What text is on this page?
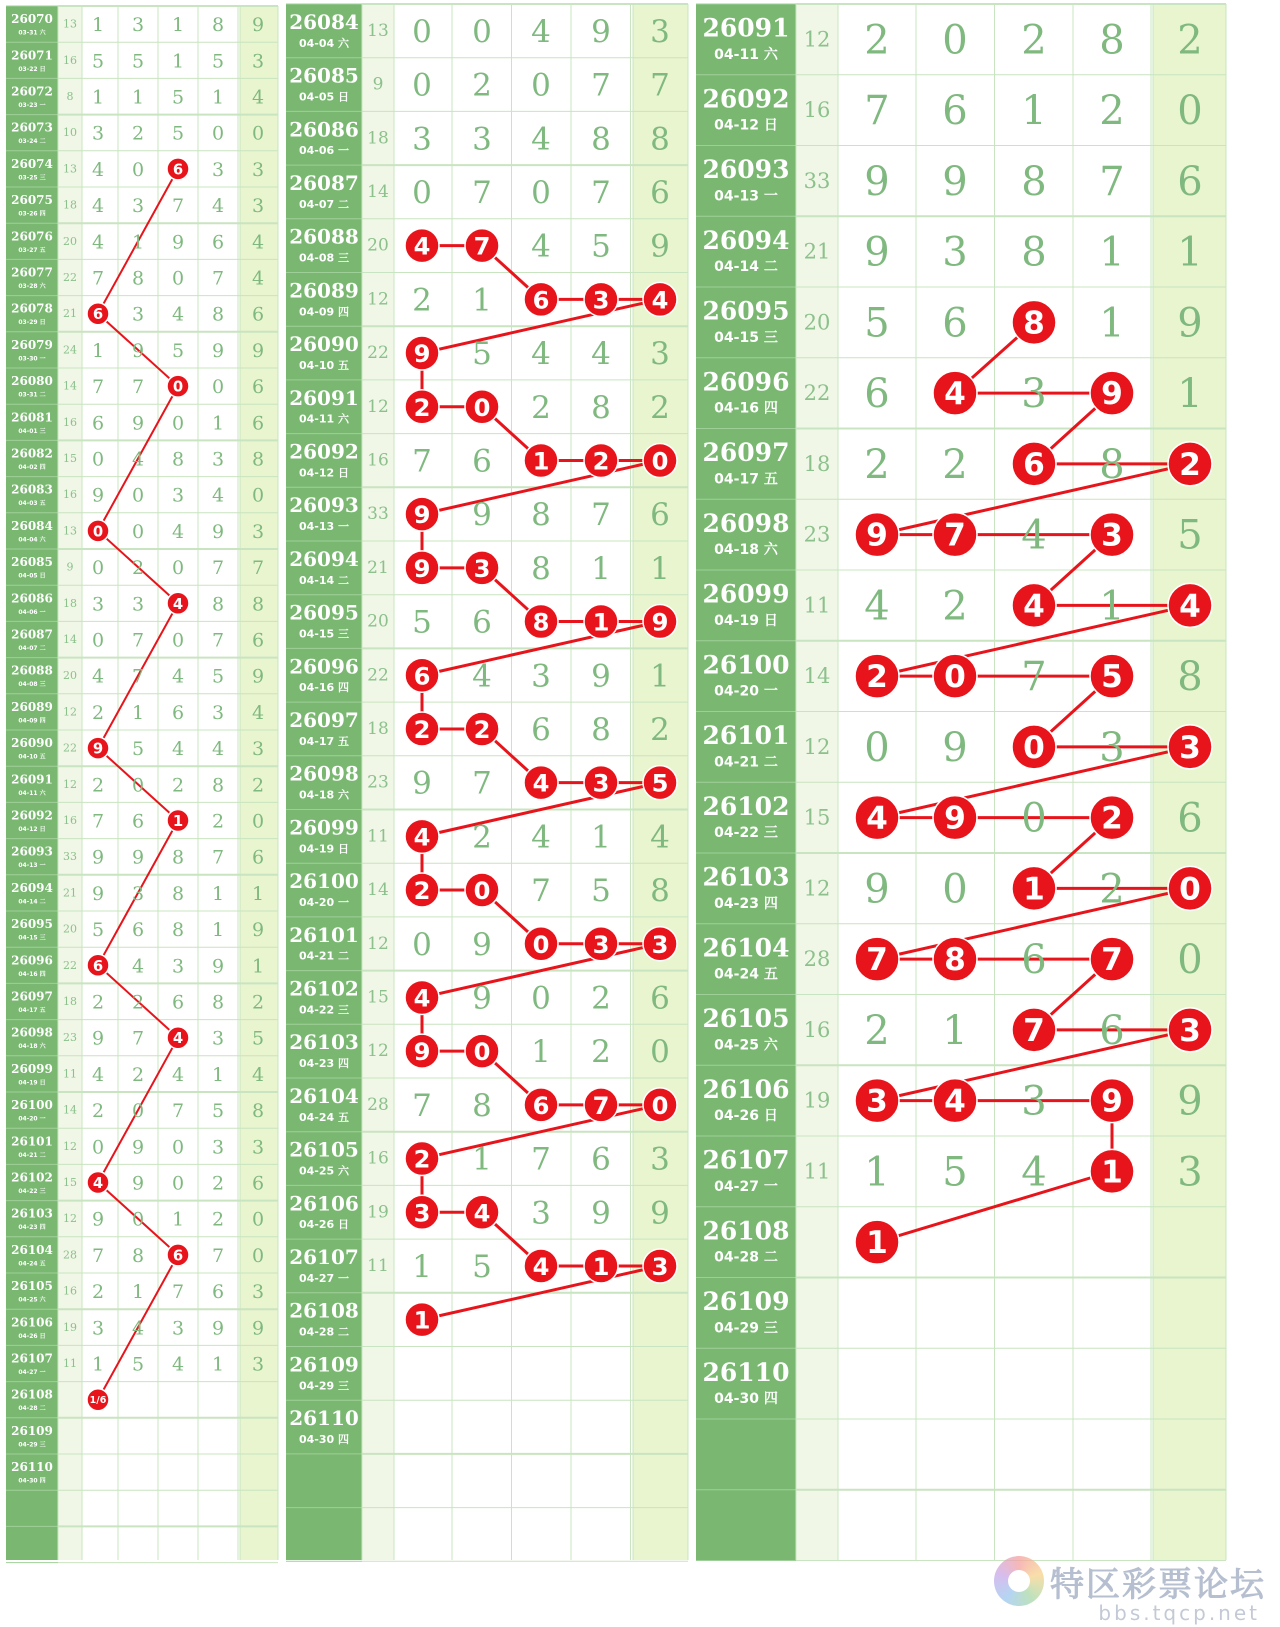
26070
03-31 六
13 1 3 1 8 9
26071
03-22 日
16 5 5 1 5 3
26072
03-23 一
8 1 1 5 1 4
26073
03-24 二
10 3 2 5 0 0
26074
03-25 三
13 4 0 6 3 3
26075
03-26 四
18 4 3 7 4 3
26076
03-27 五
20 4 1 9 6 4
26077
03-28 六
22 7 8 0 7 4
26078
03-29 日
21 6 3 4 8 6
26079
03-30 一
24 1 9 5 9 9
26080
03-31 二
14 7 7 0 0 6
26081
04-01 三
16 6 9 0 1 6
26082
04-02 四
15 0 4 8 3 8
26083
04-03 五
16 9 0 3 4 0
26084
04-04 六
13 0 0 4 9 3
26085
04-05 日
9 0 2 0 7 7
26086
04-06 一
18 3 3 4 8 8
26087
04-07 二
14 0 7 0 7 6
26088
04-08 三
20 4 7 4 5 9
26089
04-09 四
12 2 1 6 3 4
26090
04-10 五
22 9 5 4 4 3
26091
04-11 六
12 2 0 2 8 2
26092
04-12 日
16 7 6 1 2 0
26093
04-13 一
33 9 9 8 7 6
26094
04-14 二
21 9 3 8 1 1
26095
04-15 三
20 5 6 8 1 9
26096
04-16 四
22 6 4 3 9 1
26097
04-17 五
18 2 2 6 8 2
26098
04-18 六
23 9 7 4 3 5
26099
04-19 日
11 4 2 4 1 4
26100
04-20 一
14 2 0 7 5 8
26101
04-21 二
12 0 9 0 3 3
26102
04-22 三
15 4 9 0 2 6
26103
04-23 四
12 9 0 1 2 0
26104
04-24 五
28 7 8 6 7 0
26105
04-25 六
16 2 1 7 6 3
26106
04-26 日
19 3 4 3 9 9
26107
04-27 一
11 1 5 4 1 3
26108
04-28 二
1/6
26109
04-29 三
26110
04-30 四
26084
04-04 六
13 0 0 4 9 3
26085
04-05 日
9 0 2 0 7 7
26086
04-06 一
18 3 3 4 8 8
26087
04-07 二
14 0 7 0 7 6
26088
04-08 三
20 4 7 4 5 9
26089
04-09 四
12 2 1 6 3 4
26090
04-10 五
22 9 5 4 4 3
26091
04-11 六
12 2 0 2 8 2
26092
04-12 日
16 7 6 1 2 0
26093
04-13 一
33 9 9 8 7 6
26094
04-14 二
21 9 3 8 1 1
26095
04-15 三
20 5 6 8 1 9
26096
04-16 四
22 6 4 3 9 1
26097
04-17 五
18 2 2 6 8 2
26098
04-18 六
23 9 7 4 3 5
26099
04-19 日
11 4 2 4 1 4
26100
04-20 一
14 2 0 7 5 8
26101
04-21 二
12 0 9 0 3 3
26102
04-22 三
15 4 9 0 2 6
26103
04-23 四
12 9 0 1 2 0
26104
04-24 五
28 7 8 6 7 0
26105
04-25 六
16 2 1 7 6 3
26106
04-26 日
19 3 4 3 9 9
26107
04-27 一
11 1 5 4 1 3
26108
04-28 二	1
26109
04-29 三
26110
04-30 四
26091
04-11 六
12 2 0 2 8 2
26092
04-12 日
16 7 6 1 2 0
26093
04-13 一
33 9 9 8 7 6
26094
04-14 二
21 9 3 8 1 1
26095
04-15 三
20 5 6 8 1 9
26096
04-16 四
22 6 4 3 9 1
26097
04-17 五
18 2 2 6 8 2
26098
04-18 六
23 9 7 4 3 5
26099
04-19 日
11 4 2 4 1 4
26100
04-20 一
14 2 0 7 5 8
26101
04-21 二
12 0 9 0 3 3
26102
04-22 三
15 4 9 0 2 6
26103
04-23 四
12 9 0 1 2 0
26104
04-24 五
28 7 8 6 7 0
26105
04-25 六
16 2 1 7 6 3
26106
04-26 日
19 3 4 3 9 9
26107
04-27 一
11 1 5 4 1 3
26108
04-28 二	1
26109
04-29 三
26110
04-30 四
特区彩票论坛
bbs.tqcp.net
